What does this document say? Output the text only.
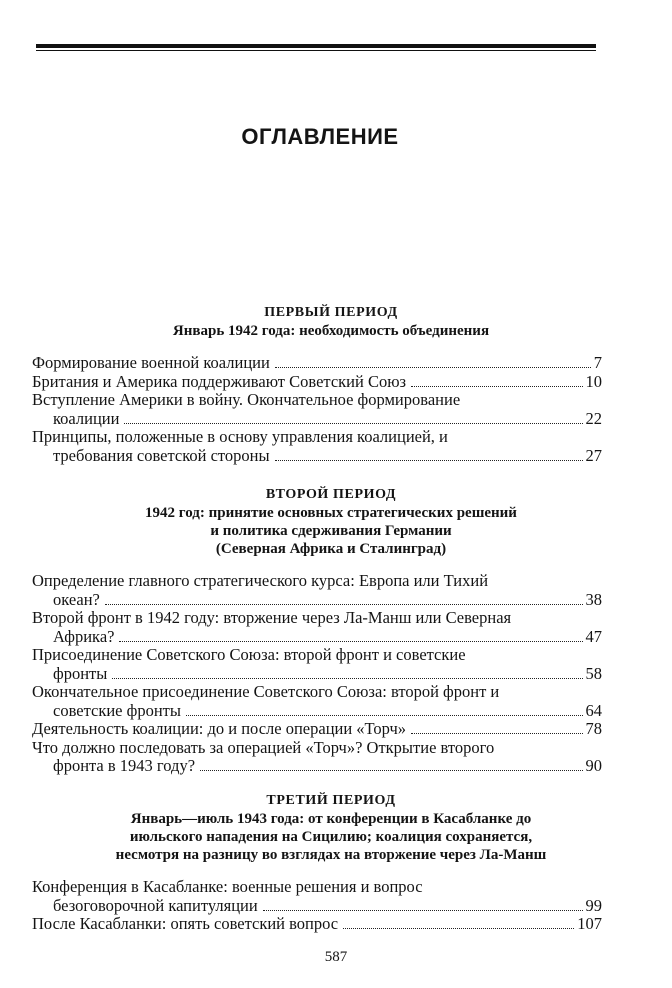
ОГЛАВЛЕНИЕ
ПЕРВЫЙ ПЕРИОД
Январь 1942 года: необходимость объединения
Формирование военной коалиции	7
Британия и Америка поддерживают Советский Союз	10
Вступление Америки в войну. Окончательное формирование
коалиции	22
Принципы, положенные в основу управления коалицией, и
требования советской стороны	27
ВТОРОЙ ПЕРИОД
1942 год: принятие основных стратегических решений
и политика сдерживания Германии
(Северная Африка и Сталинград)
Определение главного стратегического курса: Европа или Тихий
океан?	38
Второй фронт в 1942 году: вторжение через Ла-Манш или Северная
Африка?	47
Присоединение Советского Союза: второй фронт и советские
фронты	58
Окончательное присоединение Советского Союза: второй фронт и
советские фронты	64
Деятельность коалиции: до и после операции «Торч»	78
Что должно последовать за операцией «Торч»? Открытие второго
фронта в 1943 году?	90
ТРЕТИЙ ПЕРИОД
Январь—июль 1943 года: от конференции в Касабланке до
июльского нападения на Сицилию; коалиция сохраняется,
несмотря на разницу во взглядах на вторжение через Ла-Манш
Конференция в Касабланке: военные решения и вопрос
безоговорочной капитуляции	99
После Касабланки: опять советский вопрос	107
587
